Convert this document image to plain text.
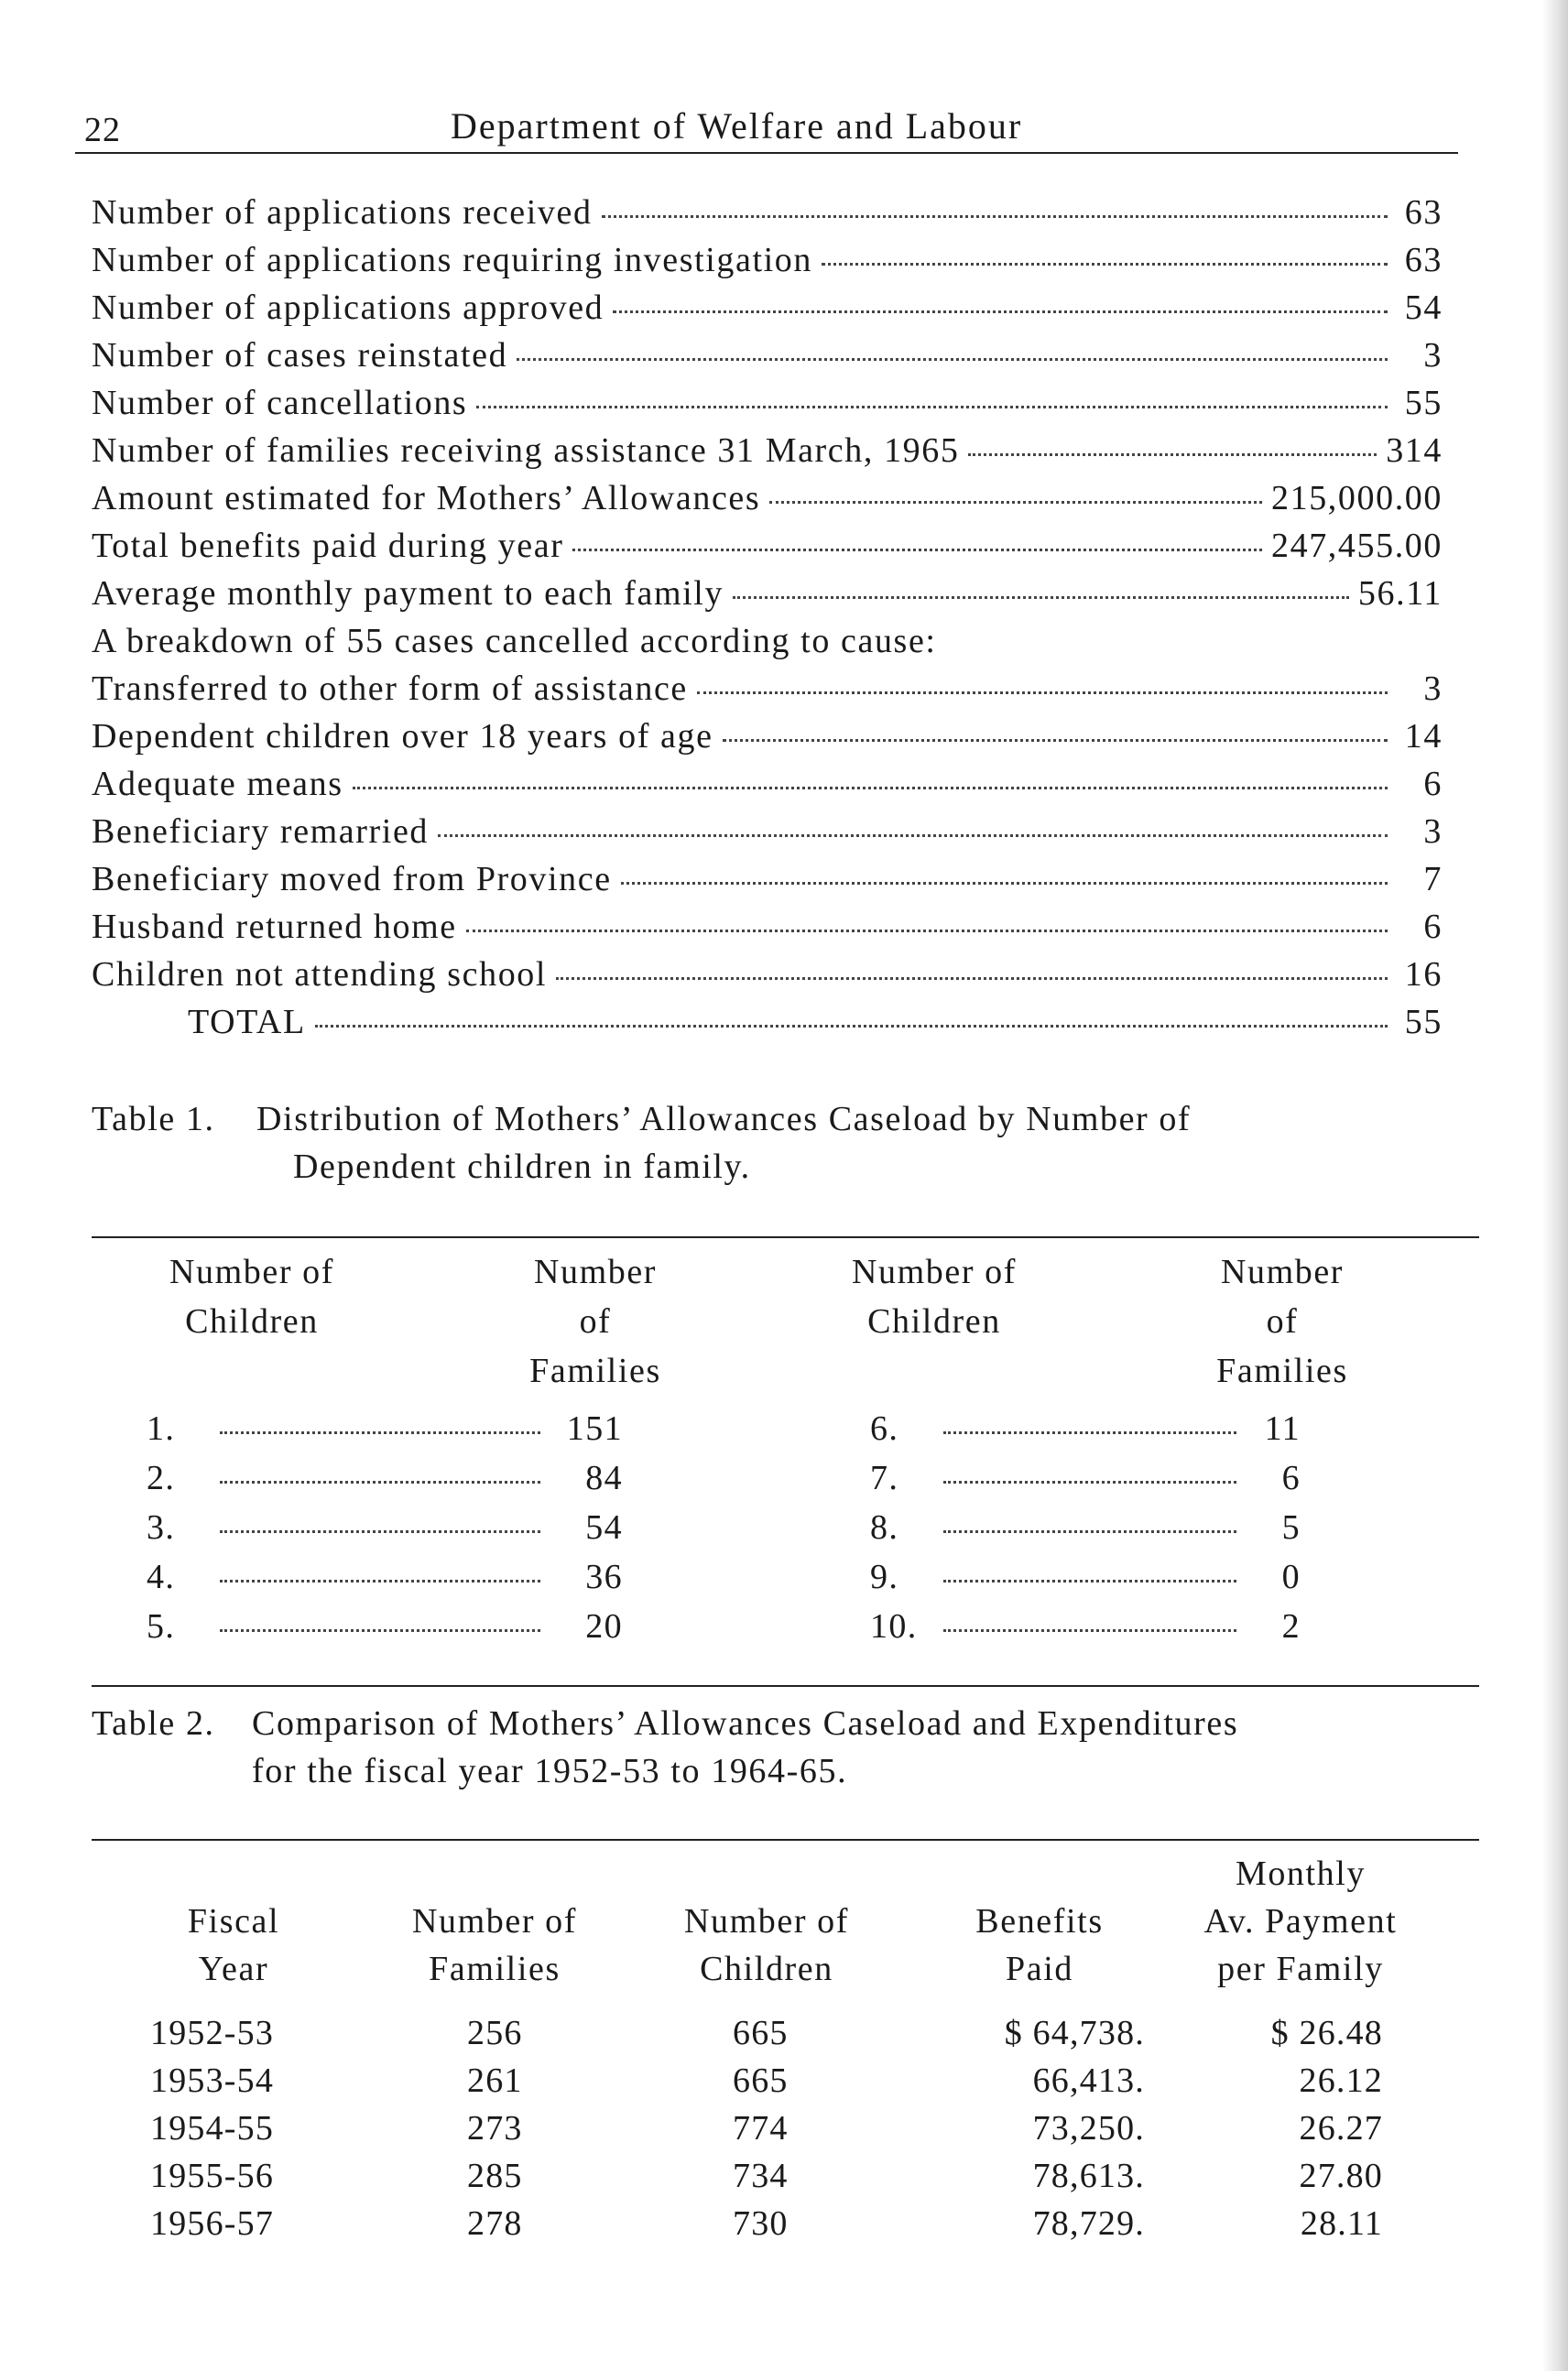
22	Department of Welfare and Labour
Number of applications received	63
Number of applications requiring investigation	63
Number of applications approved	54
Number of cases reinstated	3
Number of cancellations	55
Number of families receiving assistance 31 March, 1965	314
Amount estimated for Mothers’ Allowances	215,000.00
Total benefits paid during year	247,455.00
Average monthly payment to each family	56.11
A breakdown of 55 cases cancelled according to cause:
Transferred to other form of assistance	3
Dependent children over 18 years of age	14
Adequate means	6
Beneficiary remarried	3
Beneficiary moved from Province	7
Husband returned home	6
Children not attending school	16
TOTAL	55
Table 1. Distribution of Mothers’ Allowances Caseload by Number of
Dependent children in family.
Number of
Children
Number
of
Families
Number of
Children
Number
of
Families
1.	151	6.	11
2.	84	7.	6
3.	54	8.	5
4.	36	9.	0
5.	20	10.	2
Table 2. Comparison of Mothers’ Allowances Caseload and Expenditures
for the fiscal year 1952-53 to 1964-65.
Fiscal
Year
Number of
Families
Number of
Children
Benefits
Paid
Monthly
Av. Payment
per Family
1952-53	256	665	$ 64,738.	$ 26.48
1953-54	261	665	66,413.	26.12
1954-55	273	774	73,250.	26.27
1955-56	285	734	78,613.	27.80
1956-57	278	730	78,729.	28.11
